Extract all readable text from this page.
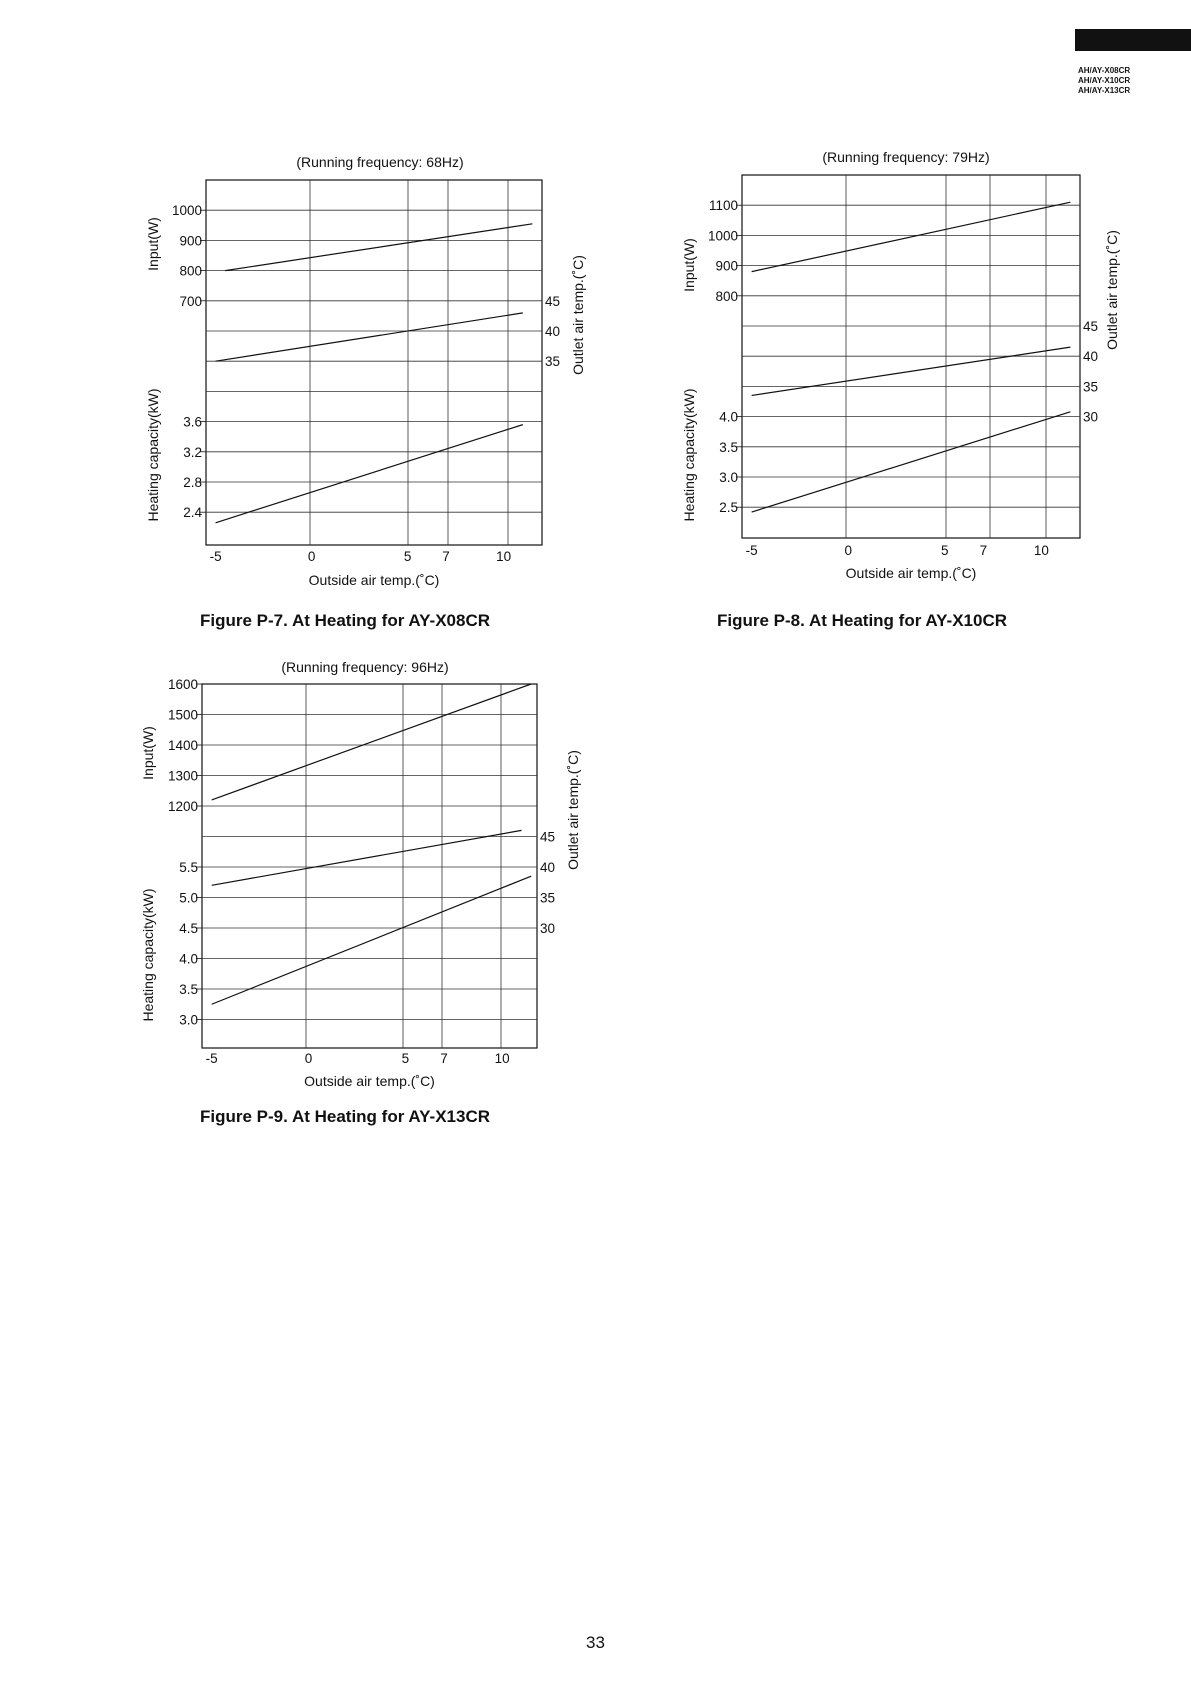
AH/AY-X08CR
AH/AY-X10CR
AH/AY-X13CR
(Running frequency: 68Hz)
1000
900
800
700
3.6
3.2
2.8
2.4
45
40
35
-5	0	5 7	10
Outside air temp.(˚C)
Input(W)
Heating capacity(kW)
Outlet air temp.(˚C)
(Running frequency: 79Hz)
1100
1000
900
800
4.0
3.5
3.0
2.5
45
40
35
30
-5	0	5 7	10
Outside air temp.(˚C)
Input(W)
Heating capacity(kW)
Outlet air temp.(˚C)
(Running frequency: 96Hz)
1600
1500
1400
1300
1200
5.5
5.0
4.5
4.0
3.5
3.0
45
40
35
30
-5	0	5 7	10
Outside air temp.(˚C)
Input(W)
Heating capacity(kW)
Outlet air temp.(˚C)
Figure P-7. At Heating for AY-X08CR	Figure P-8. At Heating for AY-X10CR
Figure P-9. At Heating for AY-X13CR
33
